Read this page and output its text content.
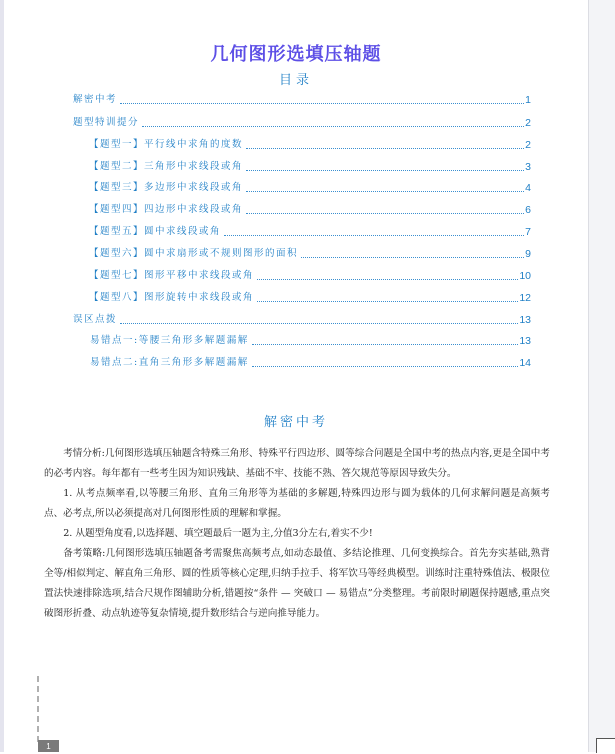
几何图形选填压轴题
目录
解密中考	1
题型特训提分	2
【题型一】平行线中求角的度数	2
【题型二】三角形中求线段或角	3
【题型三】多边形中求线段或角	4
【题型四】四边形中求线段或角	6
【题型五】圆中求线段或角	7
【题型六】圆中求扇形或不规则图形的面积	9
【题型七】图形平移中求线段或角	10
【题型八】图形旋转中求线段或角	12
误区点拨	13
易错点一:等腰三角形多解题漏解	13
易错点二:直角三角形多解题漏解	14
解密中考

考情分析:几何图形选填压轴题含特殊三角形、特殊平行四边形、圆等综合问题是全国中考的热点内容,更是全国中考的必考内容。每年都有一些考生因为知识残缺、基础不牢、技能不熟、答欠规范等原因导致失分。

1. 从考点频率看,以等腰三角形、直角三角形等为基础的多解题,特殊四边形与圆为载体的几何求解问题是高频考点、必考点,所以必须提高对几何图形性质的理解和掌握。

2. 从题型角度看,以选择题、填空题最后一题为主,分值3分左右,着实不少!

备考策略:几何图形选填压轴题备考需聚焦高频考点,如动态最值、多结论推理、几何变换综合。首先夯实基础,熟背全等/相似判定、解直角三角形、圆的性质等核心定理,归纳手拉手、将军饮马等经典模型。训练时注重特殊值法、极限位置法快速排除选项,结合尺规作图辅助分析,错题按“条件 — 突破口 — 易错点”分类整理。考前限时刷题保持题感,重点突破图形折叠、动点轨迹等复杂情境,提升数形结合与逆向推导能力。

1
